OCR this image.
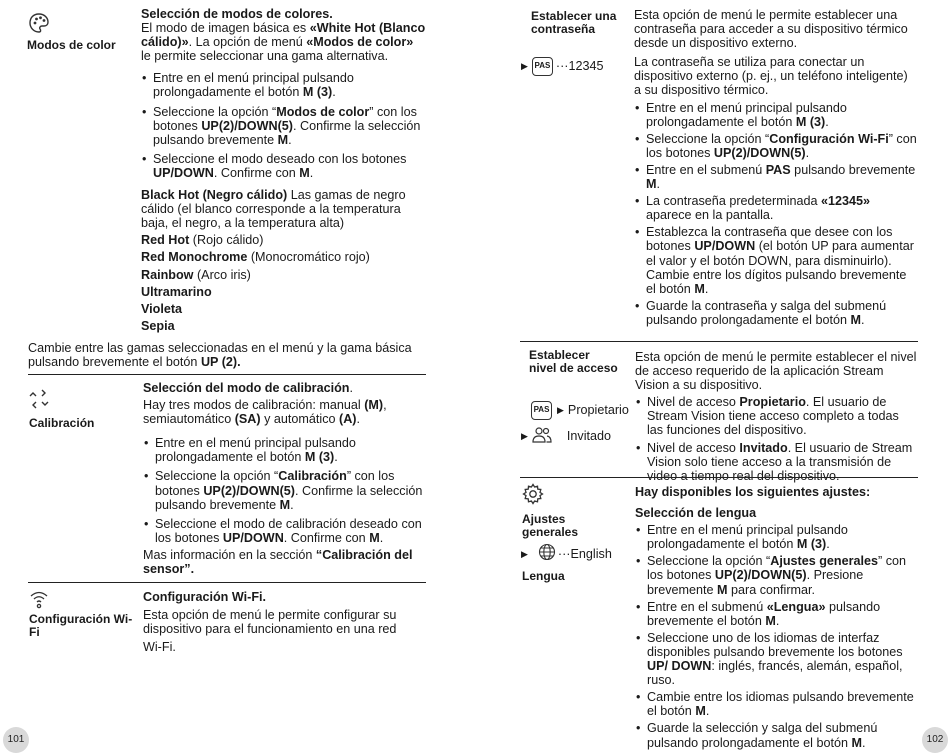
Modos de color

Selección de modos de colores.
El modo de imagen básica es «White Hot (Blanco cálido)». La opción de menú «Modos de color» le permite seleccionar una gama alternativa.

• Entre en el menú principal pulsando prolongadamente el botón M (3).
• Seleccione la opción “Modos de color” con los botones UP(2)/DOWN(5). Confirme la selección pulsando brevemente M.
• Seleccione el modo deseado con los botones UP/DOWN. Confirme con M.

Black Hot (Negro cálido) Las gamas de negro cálido (el blanco corresponde a la temperatura baja, el negro, a la temperatura alta)

Red Hot (Rojo cálido)

Red Monochrome (Monocromático rojo)

Rainbow (Arco iris)

Ultramarino

Violeta

Sepia

Cambie entre las gamas seleccionadas en el menú y la gama básica pulsando brevemente el botón UP (2).

Calibración

Selección del modo de calibración.

Hay tres modos de calibración: manual (M), semiautomático (SA) y automático (A).

• Entre en el menú principal pulsando prolongadamente el botón M (3).
• Seleccione la opción “Calibración” con los botones UP(2)/DOWN(5). Confirme la selección pulsando brevemente M.
• Seleccione el modo de calibración deseado con los botones UP/DOWN. Confirme con M.

Mas información en la sección “Calibración del sensor”.

Configuración Wi-Fi

Configuración Wi-Fi.

Esta opción de menú le permite configurar su dispositivo para el funcionamiento en una red

Wi-Fi.

101
Establecer una contraseña
▶ PAS ··· 12345

Esta opción de menú le permite establecer una contraseña para acceder a su dispositivo térmico desde un dispositivo externo.

La contraseña se utiliza para conectar un dispositivo externo (p. ej., un teléfono inteligente) a su dispositivo térmico.

• Entre en el menú principal pulsando prolongadamente el botón M (3).
• Seleccione la opción “Configuración Wi-Fi” con los botones UP(2)/DOWN(5).
• Entre en el submenú PAS pulsando brevemente M.
• La contraseña predeterminada «12345» aparece en la pantalla.
• Establezca la contraseña que desee con los botones UP/DOWN (el botón UP para aumentar el valor y el botón DOWN, para disminuirlo). Cambie entre los dígitos pulsando brevemente el botón M.
• Guarde la contraseña y salga del submenú pulsando prolongadamente el botón M.
Establecer nivel de acceso
PAS ▶ Propietario
▶	Invitado

Esta opción de menú le permite establecer el nivel de acceso requerido de la aplicación Stream Vision a su dispositivo.

• Nivel de acceso Propietario. El usuario de Stream Vision tiene acceso completo a todas las funciones del dispositivo.
• Nivel de acceso Invitado. El usuario de Stream Vision solo tiene acceso a la transmisión de video a tiempo real del dispositivo.
Ajustes generales
▶ ··· English
Lengua

Hay disponibles los siguientes ajustes:

Selección de lengua

• Entre en el menú principal pulsando prolongadamente el botón M (3).
• Seleccione la opción “Ajustes generales” con los botones UP(2)/DOWN(5). Presione brevemente M para confirmar.
• Entre en el submenú «Lengua» pulsando brevemente el botón M.
• Seleccione uno de los idiomas de interfaz disponibles pulsando brevemente los botones UP/ DOWN: inglés, francés, alemán, español, ruso.
• Cambie entre los idiomas pulsando brevemente el botón M.
• Guarde la selección y salga del submenú pulsando prolongadamente el botón M.	102
